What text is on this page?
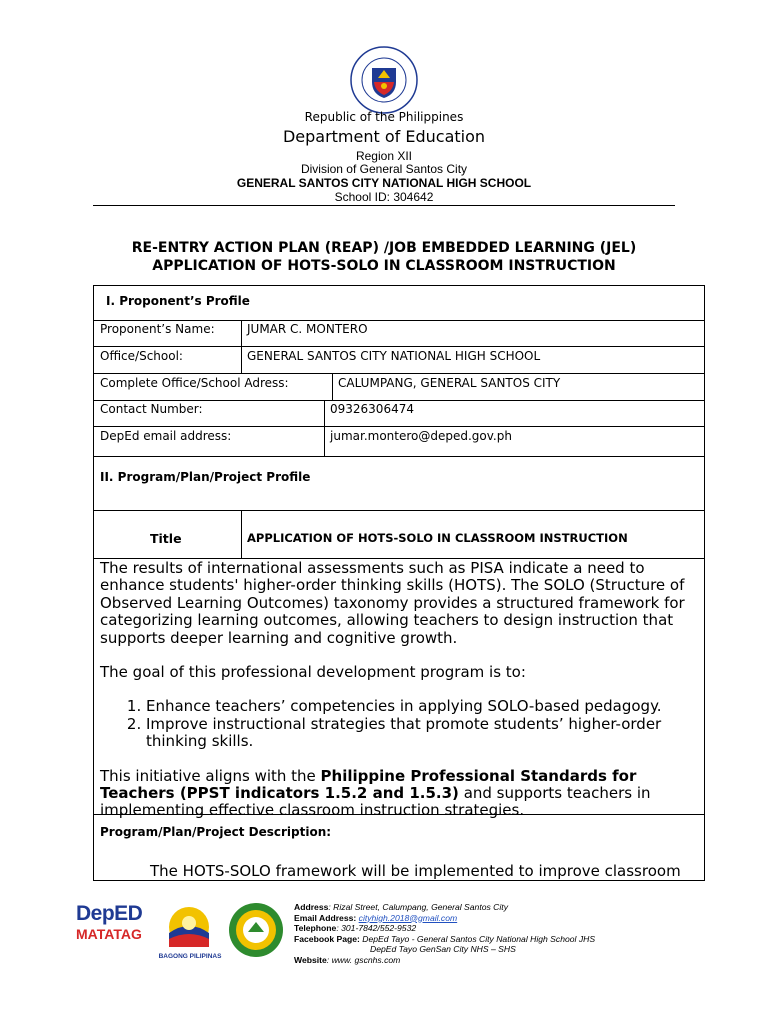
Republic of the Philippines
Department of Education
Region XII
Division of General Santos City
GENERAL SANTOS CITY NATIONAL HIGH SCHOOL
School ID: 304642
RE-ENTRY ACTION PLAN (REAP) /JOB EMBEDDED LEARNING (JEL)
APPLICATION OF HOTS-SOLO IN CLASSROOM INSTRUCTION
I. Proponent’s Profile
Proponent’s Name:	JUMAR C. MONTERO
Office/School:	GENERAL SANTOS CITY NATIONAL HIGH SCHOOL
Complete Office/School Adress:	CALUMPANG, GENERAL SANTOS CITY
Contact Number:	09326306474
DepEd email address:	jumar.montero@deped.gov.ph
II. Program/Plan/Project Profile
Title	APPLICATION OF HOTS-SOLO IN CLASSROOM INSTRUCTION

The results of international assessments such as PISA indicate a need to enhance students' higher-order thinking skills (HOTS). The SOLO (Structure of Observed Learning Outcomes) taxonomy provides a structured framework for categorizing learning outcomes, allowing teachers to design instruction that supports deeper learning and cognitive growth.

The goal of this professional development program is to:

1. Enhance teachers’ competencies in applying SOLO-based pedagogy.
2. Improve instructional strategies that promote students’ higher-order thinking skills.

This initiative aligns with the Philippine Professional Standards for Teachers (PPST indicators 1.5.2 and 1.5.3) and supports teachers in implementing effective classroom instruction strategies.

Program/Plan/Project Description:
The HOTS-SOLO framework will be implemented to improve classroom
DepED
MATATAG
BAGONG PILIPINAS
Address: Rizal Street, Calumpang, General Santos City
Email Address: cityhigh.2018@gmail.com
Telephone: 301-7842/552-9532
Facebook Page: DepEd Tayo - General Santos City National High School JHS
DepEd Tayo GenSan City NHS – SHS
Website: www. gscnhs.com
